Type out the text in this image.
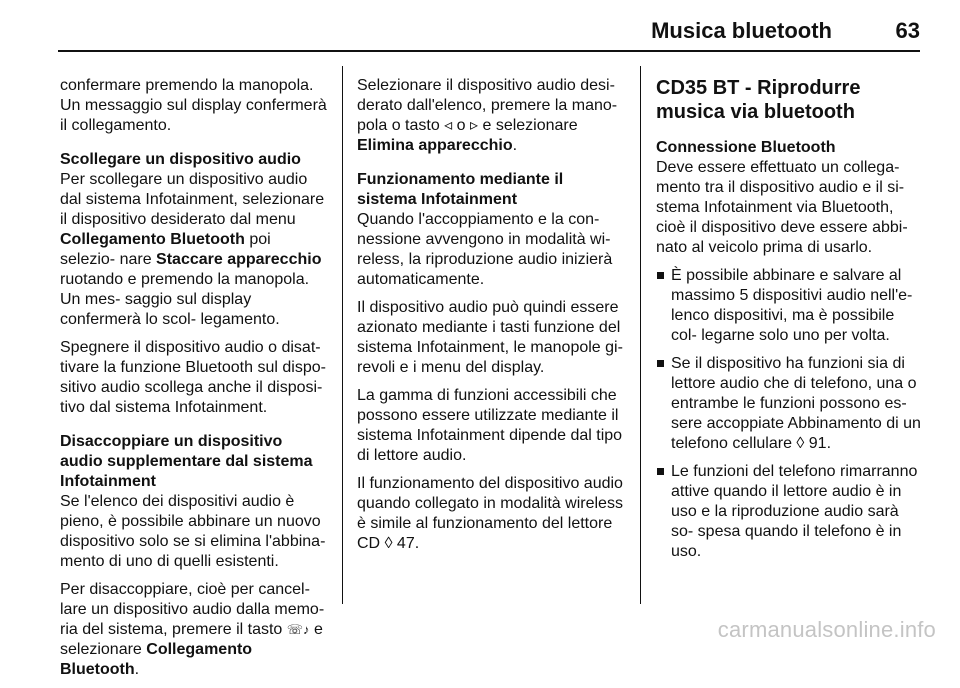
Musica bluetooth	63

confermare premendo la manopola. Un messaggio sul display confermerà il collegamento.

Scollegare un dispositivo audio

Per scollegare un dispositivo audio dal sistema Infotainment, selezionare il dispositivo desiderato dal menu Collegamento Bluetooth poi selezio- nare Staccare apparecchio ruotando e premendo la manopola. Un mes- saggio sul display confermerà lo scol- legamento.

Spegnere il dispositivo audio o disat- tivare la funzione Bluetooth sul dispo- sitivo audio scollega anche il disposi- tivo dal sistema Infotainment.

Disaccoppiare un dispositivo audio supplementare dal sistema Infotainment

Se l'elenco dei dispositivi audio è pieno, è possibile abbinare un nuovo dispositivo solo se si elimina l'abbina- mento di uno di quelli esistenti.

Per disaccoppiare, cioè per cancel- lare un dispositivo audio dalla memo- ria del sistema, premere il tasto ☏♪ e selezionare Collegamento Bluetooth.

Selezionare il dispositivo audio desi- derato dall'elenco, premere la mano- pola o tasto ◃ o ▹ e selezionare Elimina apparecchio.

Funzionamento mediante il sistema Infotainment

Quando l'accoppiamento e la con- nessione avvengono in modalità wi- reless, la riproduzione audio inizierà automaticamente.

Il dispositivo audio può quindi essere azionato mediante i tasti funzione del sistema Infotainment, le manopole gi- revoli e i menu del display.

La gamma di funzioni accessibili che possono essere utilizzate mediante il sistema Infotainment dipende dal tipo di lettore audio.

Il funzionamento del dispositivo audio quando collegato in modalità wireless è simile al funzionamento del lettore CD ◊ 47.

CD35 BT - Riprodurre musica via bluetooth
Connessione Bluetooth

Deve essere effettuato un collega- mento tra il dispositivo audio e il si- stema Infotainment via Bluetooth, cioè il dispositivo deve essere abbi- nato al veicolo prima di usarlo.

È possibile abbinare e salvare al massimo 5 dispositivi audio nell'e- lenco dispositivi, ma è possibile col- legarne solo uno per volta.
Se il dispositivo ha funzioni sia di lettore audio che di telefono, una o entrambe le funzioni possono es- sere accoppiate Abbinamento di un telefono cellulare ◊ 91.
Le funzioni del telefono rimarranno attive quando il lettore audio è in uso e la riproduzione audio sarà so- spesa quando il telefono è in uso.
carmanualsonline.info
